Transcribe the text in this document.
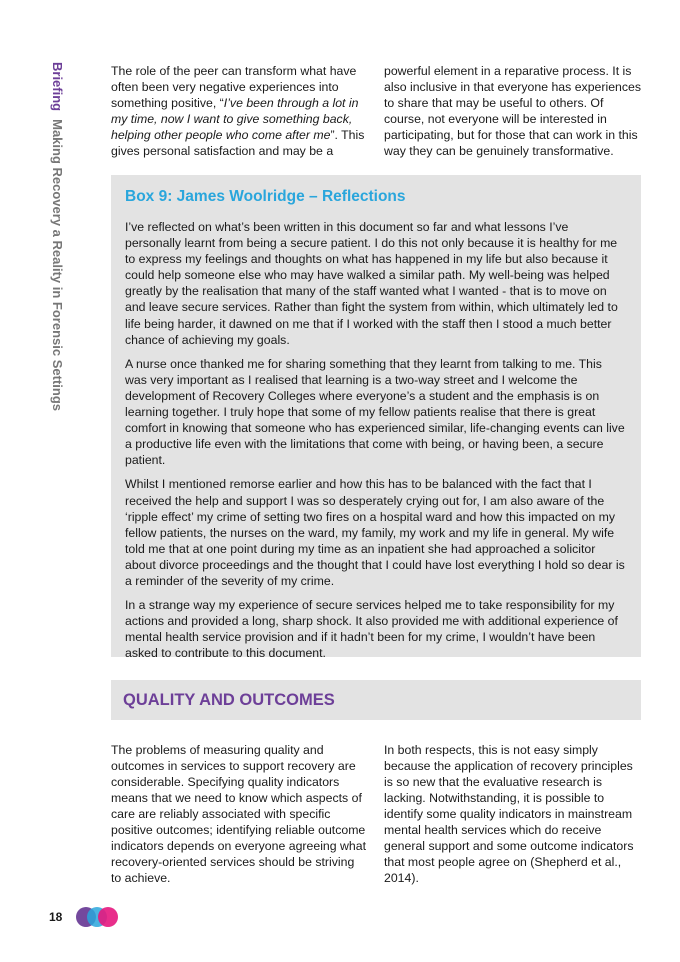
BriefingMaking Recovery a Reality in Forensic Settings

The role of the peer can transform what have often been very negative experiences into something positive, “I’ve been through a lot in my time, now I want to give something back, helping other people who come after me”. This gives personal satisfaction and may be a

powerful element in a reparative process. It is also inclusive in that everyone has experiences to share that may be useful to others. Of course, not everyone will be interested in participating, but for those that can work in this way they can be genuinely transformative.

Box 9: James Woolridge – Reflections

I’ve reflected on what’s been written in this document so far and what lessons I’ve personally learnt from being a secure patient. I do this not only because it is healthy for me to express my feelings and thoughts on what has happened in my life but also because it could help someone else who may have walked a similar path. My well-being was helped greatly by the realisation that many of the staff wanted what I wanted - that is to move on and leave secure services. Rather than fight the system from within, which ultimately led to life being harder, it dawned on me that if I worked with the staff then I stood a much better chance of achieving my goals.

A nurse once thanked me for sharing something that they learnt from talking to me. This was very important as I realised that learning is a two-way street and I welcome the development of Recovery Colleges where everyone’s a student and the emphasis is on learning together. I truly hope that some of my fellow patients realise that there is great comfort in knowing that someone who has experienced similar, life-changing events can live a productive life even with the limitations that come with being, or having been, a secure patient.

Whilst I mentioned remorse earlier and how this has to be balanced with the fact that I received the help and support I was so desperately crying out for, I am also aware of the ‘ripple effect’ my crime of setting two fires on a hospital ward and how this impacted on my fellow patients, the nurses on the ward, my family, my work and my life in general. My wife told me that at one point during my time as an inpatient she had approached a solicitor about divorce proceedings and the thought that I could have lost everything I hold so dear is a reminder of the severity of my crime.

In a strange way my experience of secure services helped me to take responsibility for my actions and provided a long, sharp shock. It also provided me with additional experience of mental health service provision and if it hadn’t been for my crime, I wouldn’t have been asked to contribute to this document.

QUALITY AND OUTCOMES

The problems of measuring quality and outcomes in services to support recovery are considerable. Specifying quality indicators means that we need to know which aspects of care are reliably associated with specific positive outcomes; identifying reliable outcome indicators depends on everyone agreeing what recovery-oriented services should be striving to achieve.

In both respects, this is not easy simply because the application of recovery principles is so new that the evaluative research is lacking. Notwithstanding, it is possible to identify some quality indicators in mainstream mental health services which do receive general support and some outcome indicators that most people agree on (Shepherd et al., 2014).

18
